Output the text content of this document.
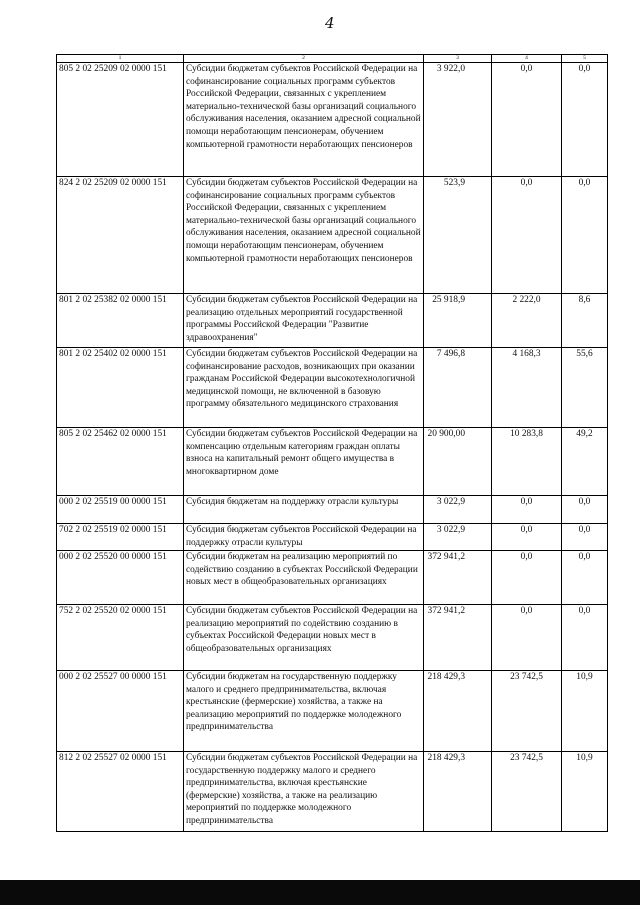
4
1	2	3	4	5
805 2 02 25209 02 0000 151	Субсидии бюджетам субъектов Российской Федерации на софинансирование социальных программ субъектов Российской Федерации, связанных с укреплением материально-технической базы организаций социального обслуживания населения, оказанием адресной социальной помощи неработающим пенсионерам, обучением компьютерной грамотности неработающих пенсионеров	3 922,0	0,0	0,0
824 2 02 25209 02 0000 151	Субсидии бюджетам субъектов Российской Федерации на софинансирование социальных программ субъектов Российской Федерации, связанных с укреплением материально-технической базы организаций социального обслуживания населения, оказанием адресной социальной помощи неработающим пенсионерам, обучением компьютерной грамотности неработающих пенсионеров	523,9	0,0	0,0
801 2 02 25382 02 0000 151	Субсидии бюджетам субъектов Российской Федерации на реализацию отдельных мероприятий государственной программы Российской Федерации "Развитие здравоохранения"	25 918,9	2 222,0	8,6
801 2 02 25402 02 0000 151	Субсидии бюджетам субъектов Российской Федерации на софинансирование расходов, возникающих при оказании гражданам Российской Федерации высокотехнологичной медицинской помощи, не включенной в базовую программу обязательного медицинского страхования	7 496,8	4 168,3	55,6
805 2 02 25462 02 0000 151	Субсидии бюджетам субъектов Российской Федерации на компенсацию отдельным категориям граждан оплаты взноса на капитальный ремонт общего имущества в многоквартирном доме	20 900,00	10 283,8	49,2
000 2 02 25519 00 0000 151	Субсидия бюджетам на поддержку отрасли культуры	3 022,9	0,0	0,0
702 2 02 25519 02 0000 151	Субсидия бюджетам субъектов Российской Федерации на поддержку отрасли культуры	3 022,9	0,0	0,0
000 2 02 25520 00 0000 151	Субсидии бюджетам на реализацию мероприятий по содействию созданию в субъектах Российской Федерации новых мест в общеобразовательных организациях	372 941,2	0,0	0,0
752 2 02 25520 02 0000 151	Субсидии бюджетам субъектов Российской Федерации на реализацию мероприятий по содействию созданию в субъектах Российской Федерации новых мест в общеобразовательных организациях	372 941,2	0,0	0,0
000 2 02 25527 00 0000 151	Субсидии бюджетам на государственную поддержку малого и среднего предпринимательства, включая крестьянские (фермерские) хозяйства, а также на реализацию мероприятий по поддержке молодежного предпринимательства	218 429,3	23 742,5	10,9
812 2 02 25527 02 0000 151	Субсидии бюджетам субъектов Российской Федерации на государственную поддержку малого и среднего предпринимательства, включая крестьянские (фермерские) хозяйства, а также на реализацию мероприятий по поддержке молодежного предпринимательства	218 429,3	23 742,5	10,9
